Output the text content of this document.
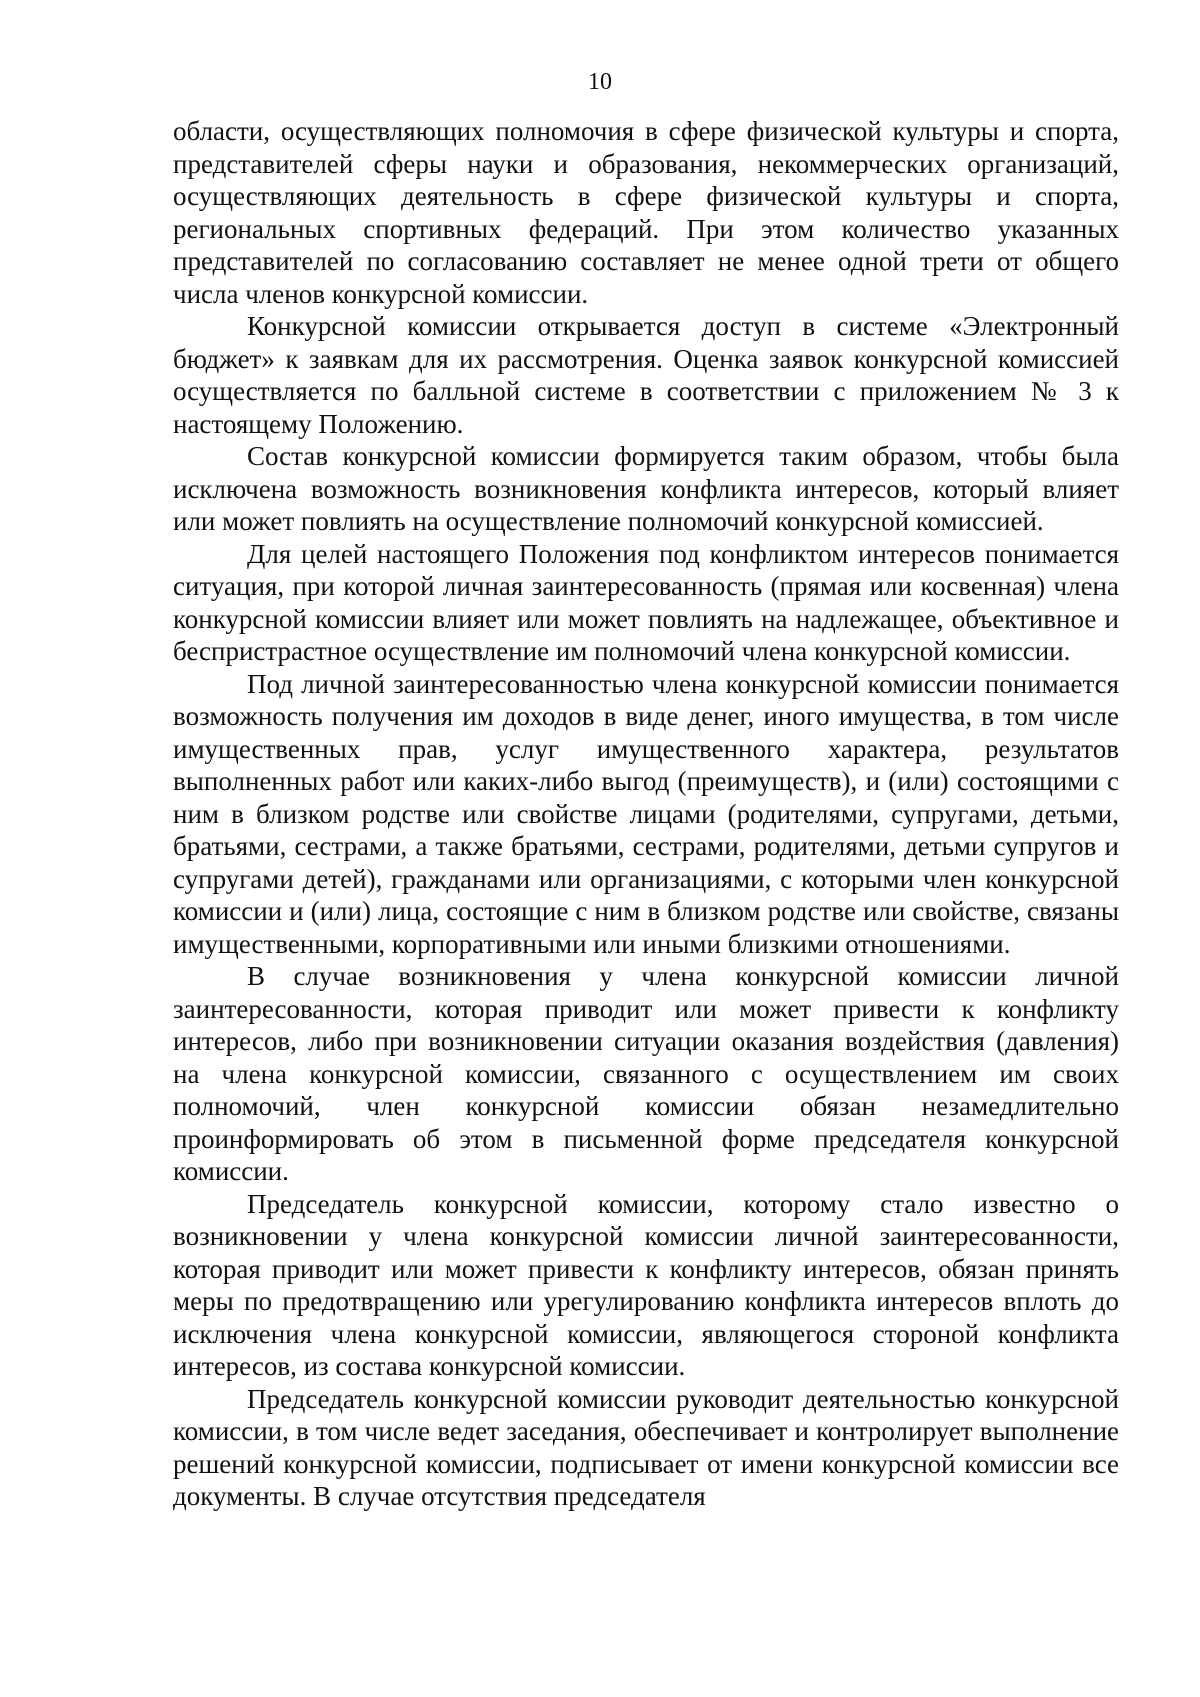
10

области, осуществляющих полномочия в сфере физической культуры и спорта, представителей сферы науки и образования, некоммерческих организаций, осуществляющих деятельность в сфере физической культуры и спорта, региональных спортивных федераций. При этом количество указанных представителей по согласованию составляет не менее одной трети от общего числа членов конкурсной комиссии.

Конкурсной комиссии открывается доступ в системе «Электронный бюджет» к заявкам для их рассмотрения. Оценка заявок конкурсной комиссией осуществляется по балльной системе в соответствии с приложением № 3 к настоящему Положению.

Состав конкурсной комиссии формируется таким образом, чтобы была исключена возможность возникновения конфликта интересов, который влияет или может повлиять на осуществление полномочий конкурсной комиссией.

Для целей настоящего Положения под конфликтом интересов понимается ситуация, при которой личная заинтересованность (прямая или косвенная) члена конкурсной комиссии влияет или может повлиять на надлежащее, объективное и беспристрастное осуществление им полномочий члена конкурсной комиссии.

Под личной заинтересованностью члена конкурсной комиссии понимается возможность получения им доходов в виде денег, иного имущества, в том числе имущественных прав, услуг имущественного характера, результатов выполненных работ или каких-либо выгод (преимуществ), и (или) состоящими с ним в близком родстве или свойстве лицами (родителями, супругами, детьми, братьями, сестрами, а также братьями, сестрами, родителями, детьми супругов и супругами детей), гражданами или организациями, с которыми член конкурсной комиссии и (или) лица, состоящие с ним в близком родстве или свойстве, связаны имущественными, корпоративными или иными близкими отношениями.

В случае возникновения у члена конкурсной комиссии личной заинтересованности, которая приводит или может привести к конфликту интересов, либо при возникновении ситуации оказания воздействия (давления) на члена конкурсной комиссии, связанного с осуществлением им своих полномочий, член конкурсной комиссии обязан незамедлительно проинформировать об этом в письменной форме председателя конкурсной комиссии.

Председатель конкурсной комиссии, которому стало известно о возникновении у члена конкурсной комиссии личной заинтересованности, которая приводит или может привести к конфликту интересов, обязан принять меры по предотвращению или урегулированию конфликта интересов вплоть до исключения члена конкурсной комиссии, являющегося стороной конфликта интересов, из состава конкурсной комиссии.

Председатель конкурсной комиссии руководит деятельностью конкурсной комиссии, в том числе ведет заседания, обеспечивает и контролирует выполнение решений конкурсной комиссии, подписывает от имени конкурсной комиссии все документы. В случае отсутствия председателя
